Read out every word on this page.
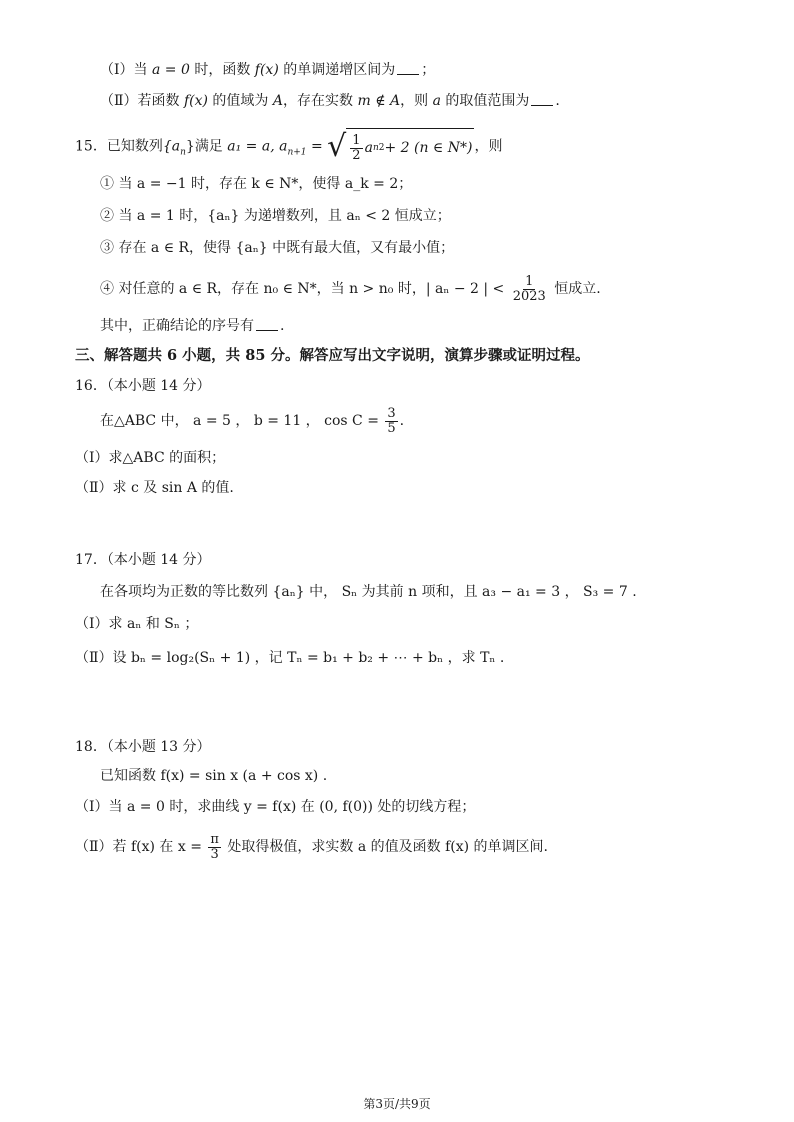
（Ⅰ）当 a = 0 时，函数 f(x) 的单调递增区间为 ；
（Ⅱ）若函数 f(x) 的值域为 A，存在实数 m ∉ A，则 a 的取值范围为 .
15．已知数列$\{a_n\}$满足 a₁ = a, $a_{n+1}$ = √ $\frac{1}{2}$ a n 2 + 2 (n ∈ N*) ，则
① 当 a = −1 时，存在 k ∈ N*，使得 a_k = 2；
② 当 a = 1 时，{aₙ} 为递增数列，且 aₙ < 2 恒成立；
③ 存在 a ∈ R，使得 {aₙ} 中既有最大值，又有最小值；
④ 对任意的 a ∈ R，存在 n₀ ∈ N*，当 n > n₀ 时，| aₙ − 2 | < $\frac{1}{2023}$ 恒成立.
其中，正确结论的序号有 .
三、解答题共 6 小题，共 85 分。解答应写出文字说明，演算步骤或证明过程。
16．（本小题 14 分）
在△ABC 中， a = 5 ， b = 11 ， $\cos C = \frac{3}{5}$ .
（Ⅰ）求△ABC 的面积；
（Ⅱ）求 c 及 sin A 的值.
17．（本小题 14 分）
在各项均为正数的等比数列 {aₙ} 中， Sₙ 为其前 n 项和，且 a₃ − a₁ = 3 ， S₃ = 7 .
（Ⅰ）求 aₙ 和 Sₙ ；
（Ⅱ）设 bₙ = log₂(Sₙ + 1) ，记 Tₙ = b₁ + b₂ + ⋯ + bₙ ，求 Tₙ .
18．（本小题 13 分）
已知函数 f(x) = sin x (a + cos x) .
（Ⅰ）当 a = 0 时，求曲线 y = f(x) 在 (0, f(0)) 处的切线方程；
（Ⅱ）若 f(x) 在 $x = \frac{\pi}{3}$ 处取得极值，求实数 a 的值及函数 f(x) 的单调区间.
第3页/共9页
